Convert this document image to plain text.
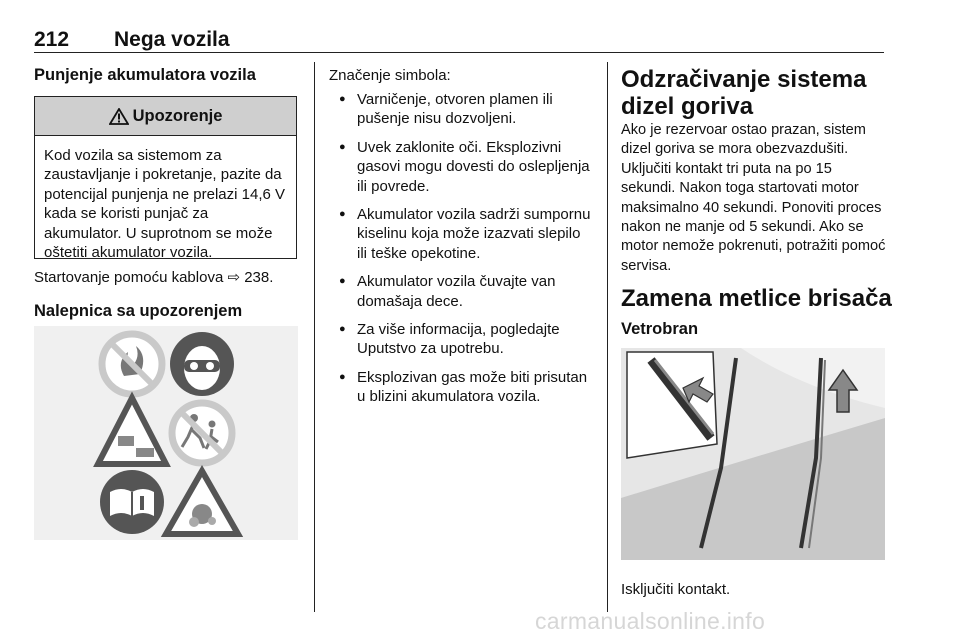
212 Nega vozila
Punjenje akumulatora vozila
Upozorenje
Kod vozila sa sistemom za zaustavljanje i pokretanje, pazite da potencijal punjenja ne prelazi 14,6 V kada se koristi punjač za akumulator. U suprotnom se može oštetiti akumulator vozila.
Startovanje pomoću kablova ⇨ 238.
Nalepnica sa upozorenjem
Značenje simbola:
● Varničenje, otvoren plamen ili pušenje nisu dozvoljeni.
● Uvek zaklonite oči. Eksplozivni gasovi mogu dovesti do oslepljenja ili povrede.
● Akumulator vozila sadrži sumpornu kiselinu koja može izazvati slepilo ili teške opekotine.
● Akumulator vozila čuvajte van domašaja dece.
● Za više informacija, pogledajte Uputstvo za upotrebu.
● Eksplozivan gas može biti prisutan u blizini akumulatora vozila.
Odzračivanje sistema dizel goriva
Ako je rezervoar ostao prazan, sistem dizel goriva se mora obezvazdušiti. Uključiti kontakt tri puta na po 15 sekundi. Nakon toga startovati motor maksimalno 40 sekundi. Ponoviti proces nakon ne manje od 5 sekundi. Ako se motor nemože pokrenuti, potražiti pomoć servisa.
Zamena metlice brisača
Vetrobran
Isključiti kontakt.
carmanualsonline.info
